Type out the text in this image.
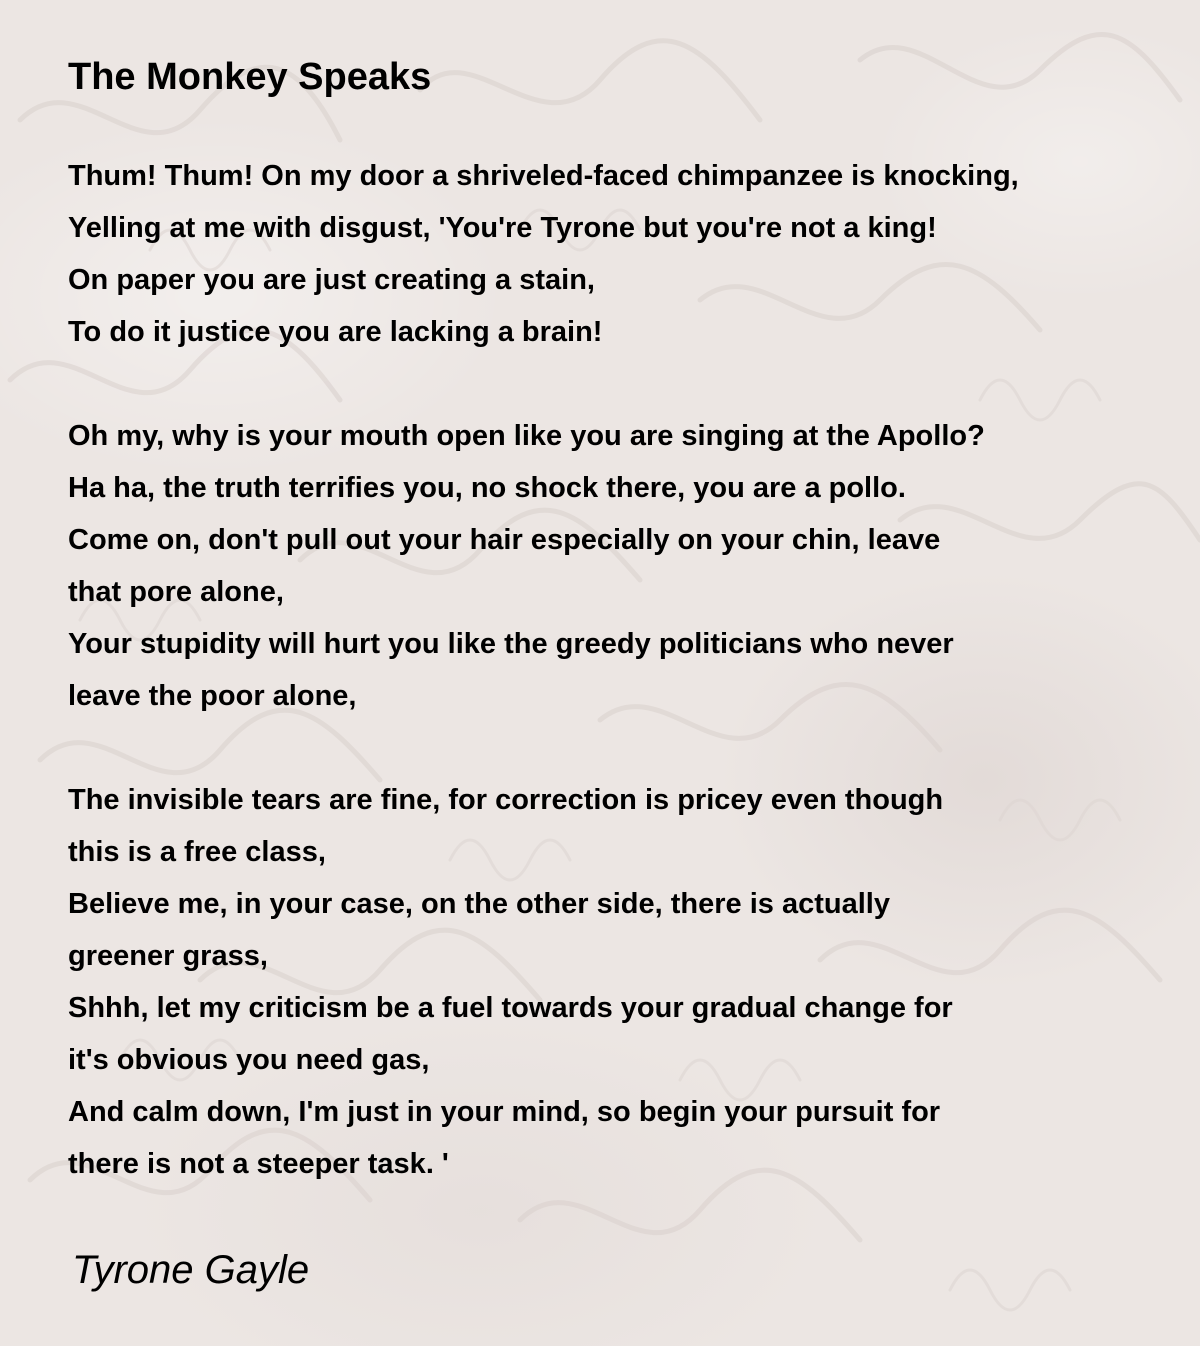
The Monkey Speaks
Thum! Thum! On my door a shriveled-faced chimpanzee is knocking,
Yelling at me with disgust, 'You're Tyrone but you're not a king!
On paper you are just creating a stain,
To do it justice you are lacking a brain!
Oh my, why is your mouth open like you are singing at the Apollo?
Ha ha, the truth terrifies you, no shock there, you are a pollo.
Come on, don't pull out your hair especially on your chin, leave
that pore alone,
Your stupidity will hurt you like the greedy politicians who never
leave the poor alone,
The invisible tears are fine, for correction is pricey even though
this is a free class,
Believe me, in your case, on the other side, there is actually
greener grass,
Shhh, let my criticism be a fuel towards your gradual change for
it's obvious you need gas,
And calm down, I'm just in your mind, so begin your pursuit for
there is not a steeper task. '
Tyrone Gayle
